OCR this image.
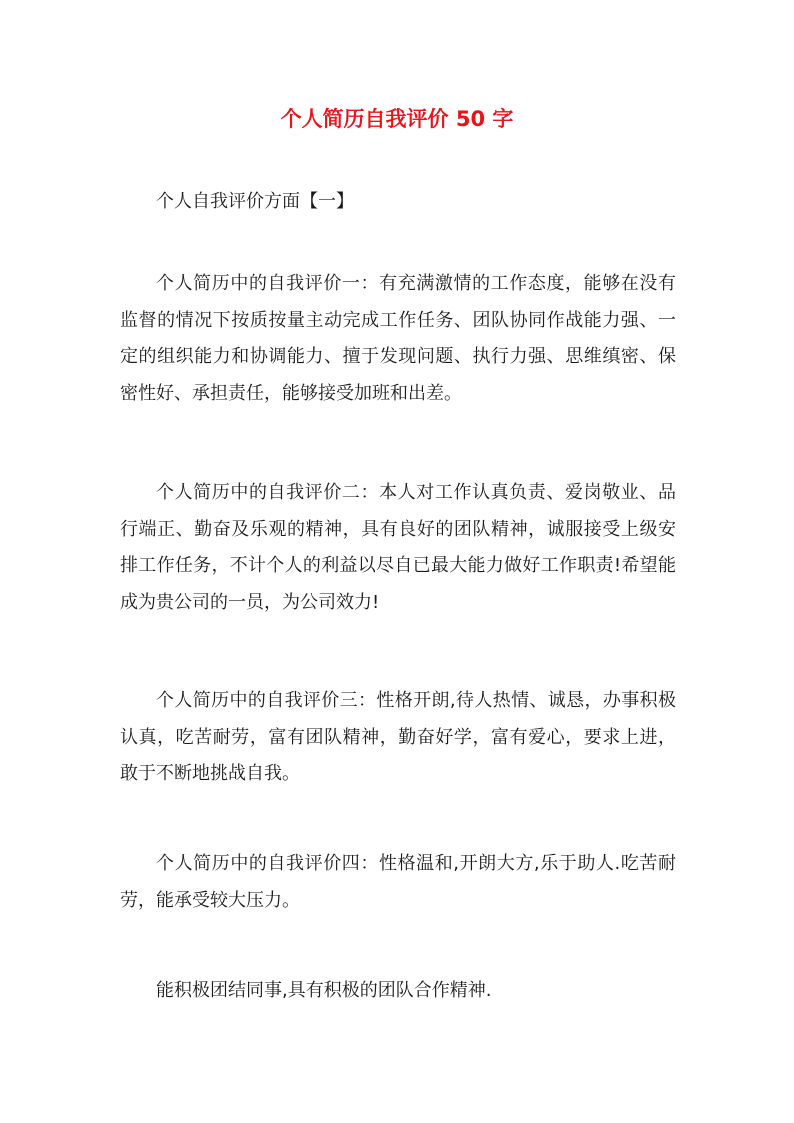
个人简历自我评价 50 字

个人自我评价方面【一】

个人简历中的自我评价一：有充满激情的工作态度，能够在没有监督的情况下按质按量主动完成工作任务、团队协同作战能力强、一定的组织能力和协调能力、擅于发现问题、执行力强、思维缜密、保密性好、承担责任，能够接受加班和出差。

个人简历中的自我评价二：本人对工作认真负责、爱岗敬业、品行端正、勤奋及乐观的精神，具有良好的团队精神，诚服接受上级安排工作任务，不计个人的利益以尽自已最大能力做好工作职责!希望能成为贵公司的一员，为公司效力!

个人简历中的自我评价三：性格开朗,待人热情、诚恳，办事积极认真，吃苦耐劳，富有团队精神，勤奋好学，富有爱心，要求上进，敢于不断地挑战自我。

个人简历中的自我评价四：性格温和,开朗大方,乐于助人.吃苦耐劳，能承受较大压力。

能积极团结同事,具有积极的团队合作精神.
